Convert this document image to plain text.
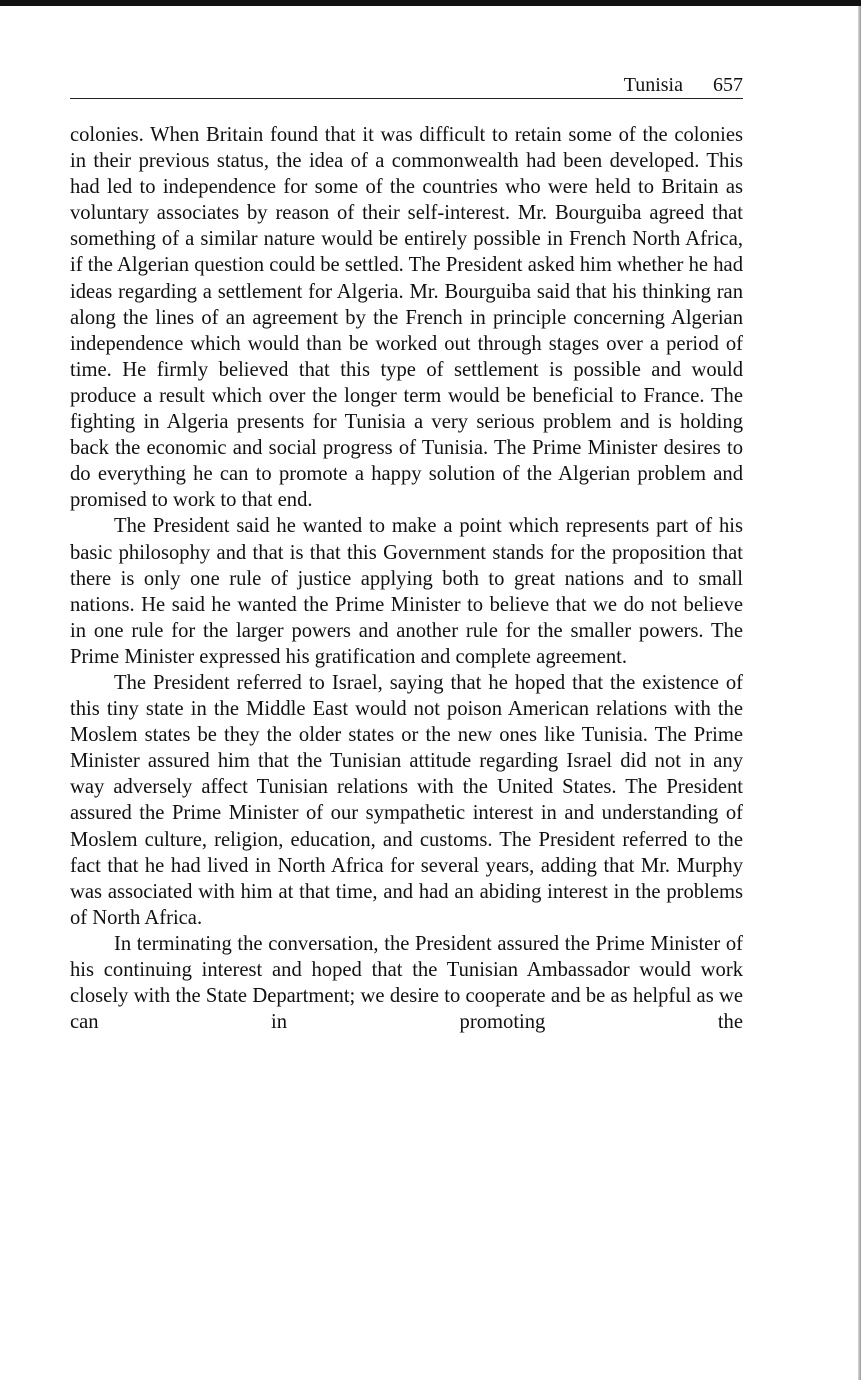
Tunisia 657

colonies. When Britain found that it was difficult to retain some of the colonies in their previous status, the idea of a commonwealth had been developed. This had led to independence for some of the countries who were held to Britain as voluntary associates by reason of their self-interest. Mr. Bourguiba agreed that something of a similar nature would be entirely possible in French North Africa, if the Algerian question could be settled. The President asked him whether he had ideas regarding a settlement for Algeria. Mr. Bourguiba said that his thinking ran along the lines of an agreement by the French in principle concerning Algerian independence which would than be worked out through stages over a period of time. He firmly believed that this type of settlement is possible and would produce a result which over the longer term would be beneficial to France. The fighting in Algeria presents for Tunisia a very serious problem and is holding back the economic and social progress of Tunisia. The Prime Minister desires to do everything he can to promote a happy solution of the Algerian problem and promised to work to that end.

The President said he wanted to make a point which represents part of his basic philosophy and that is that this Government stands for the proposition that there is only one rule of justice applying both to great nations and to small nations. He said he wanted the Prime Minister to believe that we do not believe in one rule for the larger powers and another rule for the smaller powers. The Prime Minister expressed his gratification and complete agreement.

The President referred to Israel, saying that he hoped that the existence of this tiny state in the Middle East would not poison American relations with the Moslem states be they the older states or the new ones like Tunisia. The Prime Minister assured him that the Tunisian attitude regarding Israel did not in any way adversely affect Tunisian relations with the United States. The President assured the Prime Minister of our sympathetic interest in and understanding of Moslem culture, religion, education, and customs. The President referred to the fact that he had lived in North Africa for several years, adding that Mr. Murphy was associated with him at that time, and had an abiding interest in the problems of North Africa.

In terminating the conversation, the President assured the Prime Minister of his continuing interest and hoped that the Tunisian Ambassador would work closely with the State Department; we desire to cooperate and be as helpful as we can in promoting the
